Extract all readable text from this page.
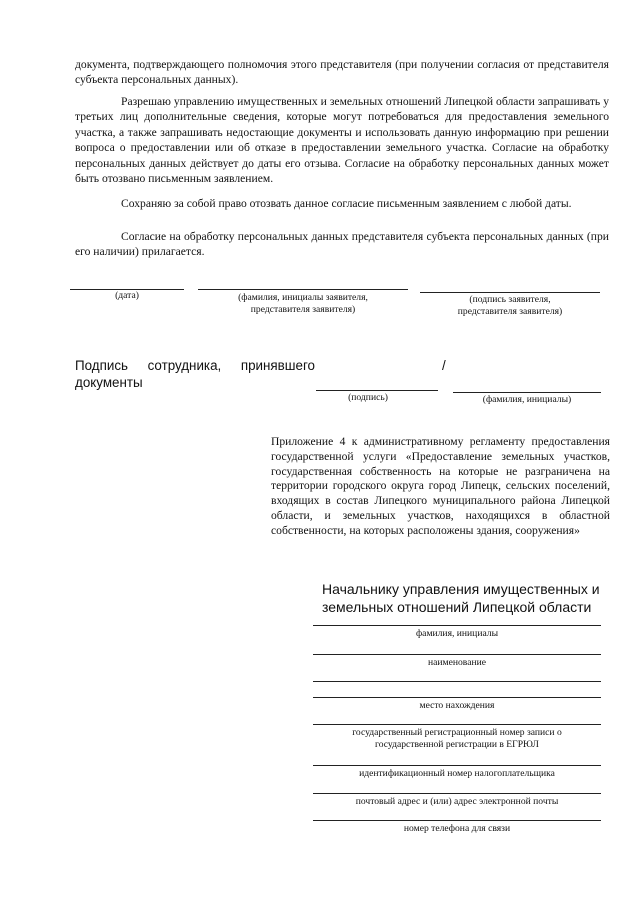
документа, подтверждающего полномочия этого представителя (при получении согласия от представителя субъекта персональных данных).

Разрешаю управлению имущественных и земельных отношений Липецкой области запрашивать у третьих лиц дополнительные сведения, которые могут потребоваться для предоставления земельного участка, а также запрашивать недостающие документы и использовать данную информацию при решении вопроса о предоставлении или об отказе в предоставлении земельного участка. Согласие на обработку персональных данных действует до даты его отзыва. Согласие на обработку персональных данных может быть отозвано письменным заявлением.

Сохраняю за собой право отозвать данное согласие письменным заявлением с любой даты.

Согласие на обработку персональных данных представителя субъекта персональных данных (при его наличии) прилагается.

(дата)	(фамилия, инициалы заявителя,
представителя заявителя)
(подпись заявителя,
представителя заявителя)
Подпись сотрудника, принявшего
документы
/
(подпись)	(фамилия, инициалы)

Приложение 4 к административному регламенту предоставления государственной услуги «Предоставление земельных участков, государственная собственность на которые не разграничена на территории городского округа город Липецк, сельских поселений, входящих в состав Липецкого муниципального района Липецкой области, и земельных участков, находящихся в областной собственности, на которых расположены здания, сооружения»

Начальнику управления имущественных и
земельных отношений Липецкой области
фамилия, инициалы
наименование
место нахождения
государственный регистрационный номер записи о
государственной регистрации в ЕГРЮЛ
идентификационный номер налогоплательщика
почтовый адрес и (или) адрес электронной почты
номер телефона для связи
